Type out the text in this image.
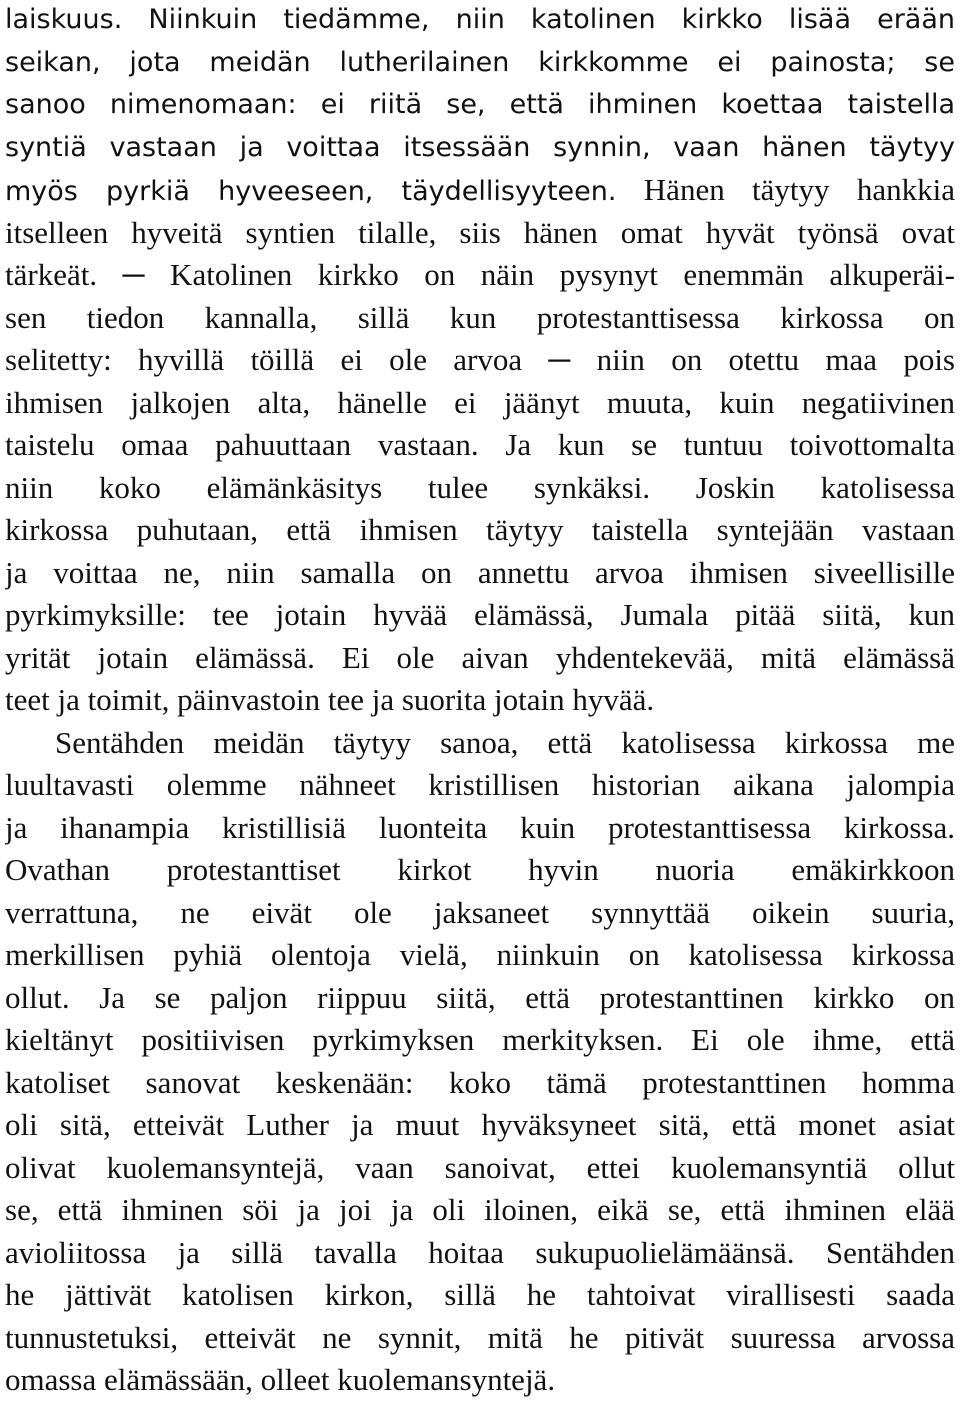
laiskuus. Niinkuin tiedämme, niin katolinen kirkko lisää erään
seikan, jota meidän lutherilainen kirkkomme ei painosta; se
sanoo nimenomaan: ei riitä se, että ihminen koettaa taistella
syntiä vastaan ja voittaa itsessään synnin, vaan hänen täytyy
myös pyrkiä hyveeseen, täydellisyyteen. Hänen täytyy hankkia
itselleen hyveitä syntien tilalle, siis hänen omat hyvät työnsä ovat
tärkeät. ─ Katolinen kirkko on näin pysynyt enemmän alkuperäi-
sen tiedon kannalla, sillä kun protestanttisessa kirkossa on
selitetty: hyvillä töillä ei ole arvoa ─ niin on otettu maa pois
ihmisen jalkojen alta, hänelle ei jäänyt muuta, kuin negatiivinen
taistelu omaa pahuuttaan vastaan. Ja kun se tuntuu toivottomalta
niin koko elämänkäsitys tulee synkäksi. Joskin katolisessa
kirkossa puhutaan, että ihmisen täytyy taistella syntejään vastaan
ja voittaa ne, niin samalla on annettu arvoa ihmisen siveellisille
pyrkimyksille: tee jotain hyvää elämässä, Jumala pitää siitä, kun
yrität jotain elämässä. Ei ole aivan yhdentekevää, mitä elämässä
teet ja toimit, päinvastoin tee ja suorita jotain hyvää.
Sentähden meidän täytyy sanoa, että katolisessa kirkossa me
luultavasti olemme nähneet kristillisen historian aikana jalompia
ja ihanampia kristillisiä luonteita kuin protestanttisessa kirkossa.
Ovathan protestanttiset kirkot hyvin nuoria emäkirkkoon
verrattuna, ne eivät ole jaksaneet synnyttää oikein suuria,
merkillisen pyhiä olentoja vielä, niinkuin on katolisessa kirkossa
ollut. Ja se paljon riippuu siitä, että protestanttinen kirkko on
kieltänyt positiivisen pyrkimyksen merkityksen. Ei ole ihme, että
katoliset sanovat keskenään: koko tämä protestanttinen homma
oli sitä, etteivät Luther ja muut hyväksyneet sitä, että monet asiat
olivat kuolemansyntejä, vaan sanoivat, ettei kuolemansyntiä ollut
se, että ihminen söi ja joi ja oli iloinen, eikä se, että ihminen elää
avioliitossa ja sillä tavalla hoitaa sukupuolielämäänsä. Sentähden
he jättivät katolisen kirkon, sillä he tahtoivat virallisesti saada
tunnustetuksi, etteivät ne synnit, mitä he pitivät suuressa arvossa
omassa elämässään, olleet kuolemansyntejä.
